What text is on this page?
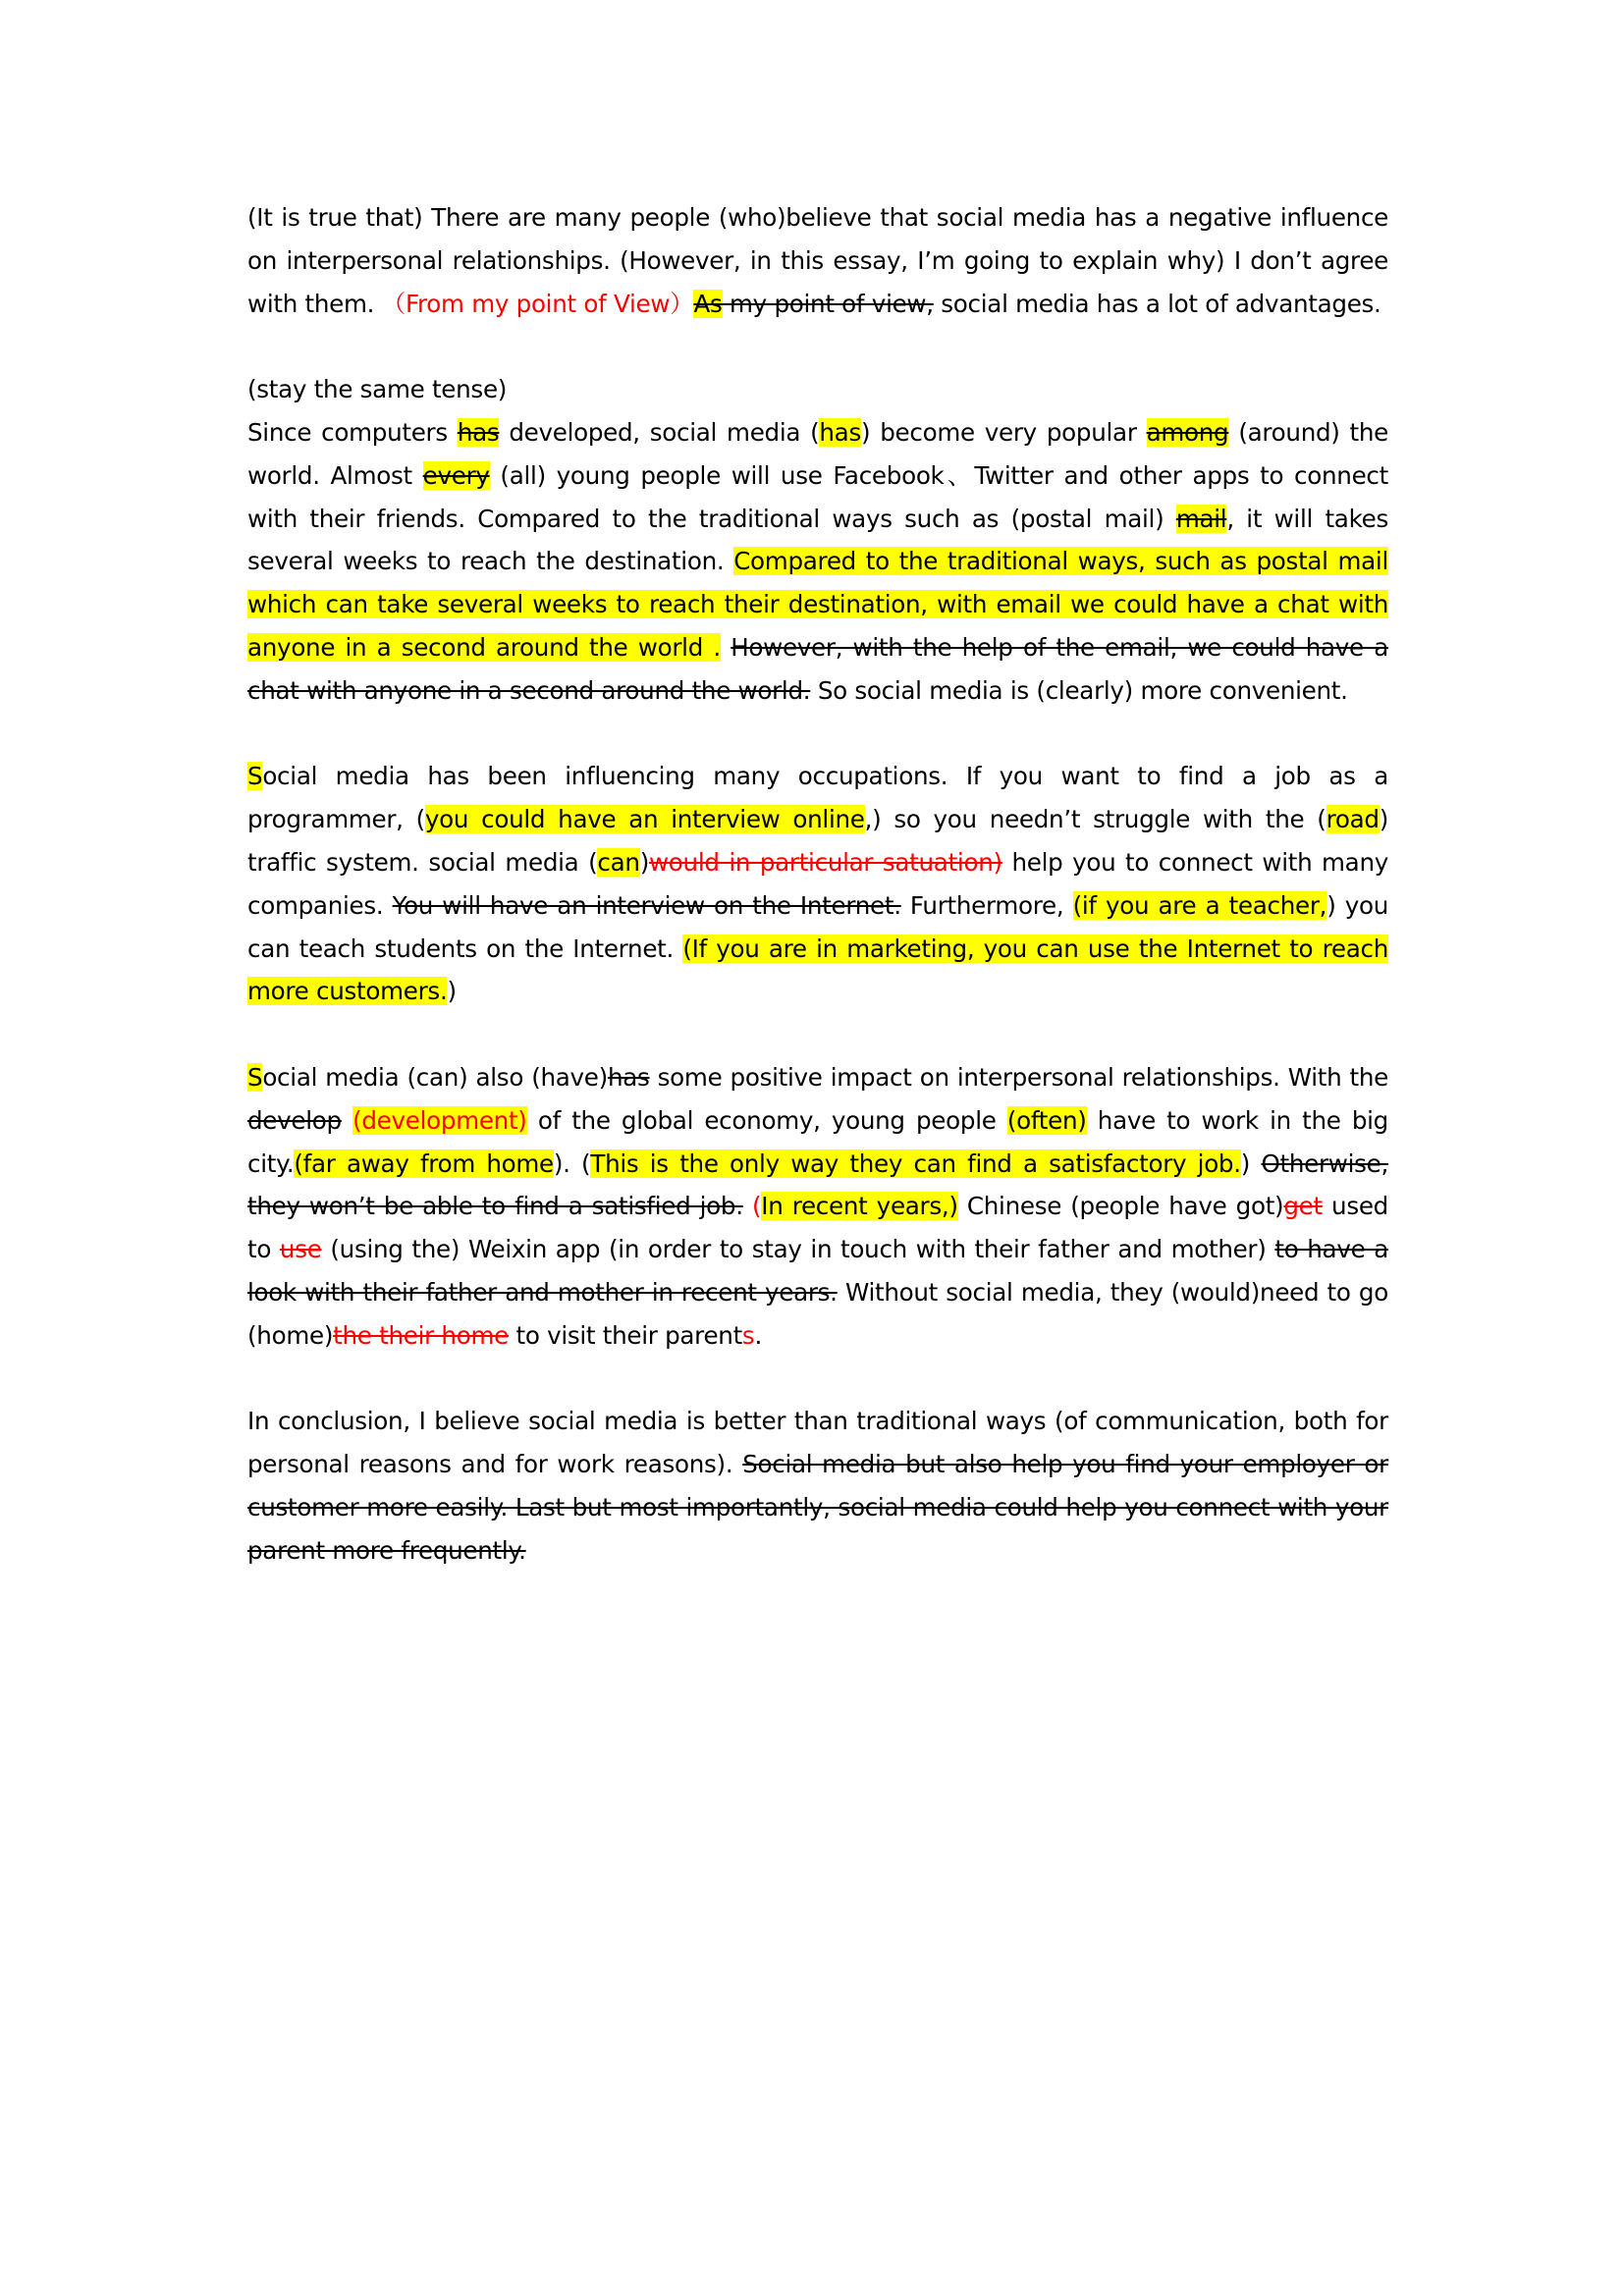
(It is true that) There are many people (who)believe that social media has a negative influence on interpersonal relationships. (However, in this essay, I’m going to explain why) I don’t agree with them. （From my point of View）As my point of view, social media has a lot of advantages.

(stay the same tense)

Since computers has developed, social media (has) become very popular among (around) the world. Almost every (all) young people will use Facebook、Twitter and other apps to connect with their friends. Compared to the traditional ways such as (postal mail) mail, it will takes several weeks to reach the destination. Compared to the traditional ways, such as postal mail which can take several weeks to reach their destination, with email we could have a chat with anyone in a second around the world . However, with the help of the email, we could have a chat with anyone in a second around the world. So social media is (clearly) more convenient.

Social media has been influencing many occupations. If you want to find a job as a programmer, (you could have an interview online,) so you needn’t struggle with the (road) traffic system. social media (can)would in particular satuation) help you to connect with many companies. You will have an interview on the Internet. Furthermore, (if you are a teacher,) you can teach students on the Internet. (If you are in marketing, you can use the Internet to reach more customers.)

Social media (can) also (have)has some positive impact on interpersonal relationships. With the develop (development) of the global economy, young people (often) have to work in the big city.(far away from home). (This is the only way they can find a satisfactory job.) Otherwise, they won’t be able to find a satisfied job. (In recent years,) Chinese (people have got)get used to use (using the) Weixin app (in order to stay in touch with their father and mother) to have a look with their father and mother in recent years. Without social media, they (would)need to go (home)the their home to visit their parents.

In conclusion, I believe social media is better than traditional ways (of communication, both for personal reasons and for work reasons). Social media but also help you find your employer or customer more easily. Last but most importantly, social media could help you connect with your parent more frequently.
